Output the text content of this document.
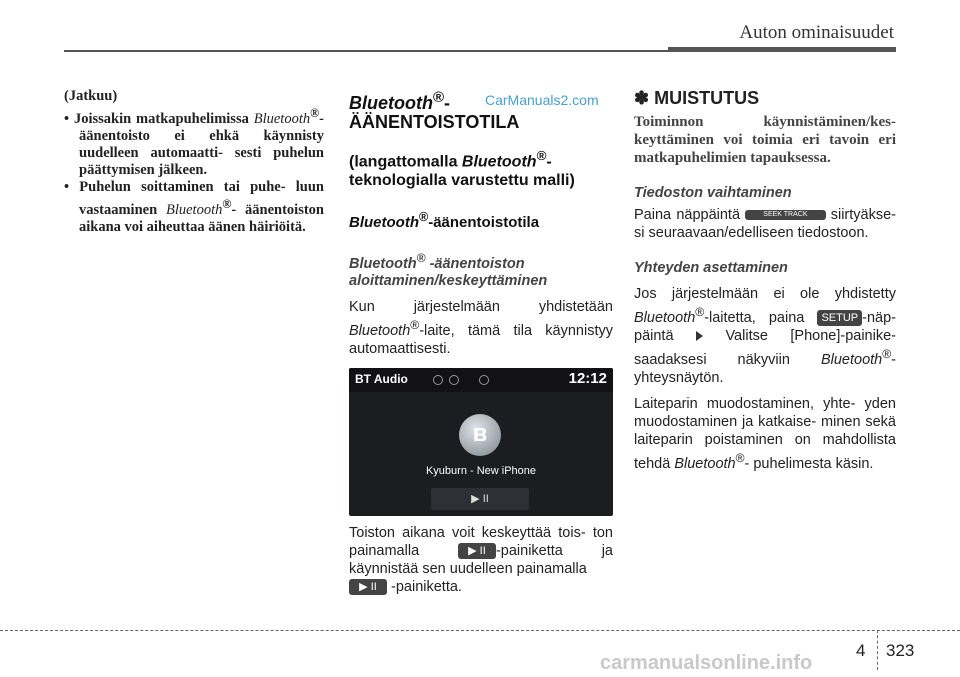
Auton ominaisuudet
CarManuals2.com
(Jatkuu)
• Joissakin matkapuhelimissa Bluetooth®-äänentoisto ei ehkä käynnisty uudelleen automaatti- sesti puhelun päättymisen jälkeen.
• Puhelun soittaminen tai puhe- luun vastaaminen Bluetooth®- äänentoiston aikana voi aiheuttaa äänen häiriöitä.
Bluetooth®-
ÄÄNENTOISTOTILA
(langattomalla Bluetooth®- teknologialla varustettu malli)
Bluetooth®-äänentoistotila
Bluetooth® -äänentoiston aloittaminen/keskeyttäminen

Kun järjestelmään yhdistetään Bluetooth®-laite, tämä tila käynnistyy automaattisesti.

BT Audio	12:12
ʙ
Kyuburn - New iPhone
▶ II

Toiston aikana voit keskeyttää tois- ton painamalla ▶ II -painiketta ja käynnistää sen uudelleen painamalla
▶ II -painiketta.

✽ MUISTUTUS
Toiminnon käynnistäminen/kes- keyttäminen voi toimia eri tavoin eri matkapuhelimien tapauksessa.
Tiedoston vaihtaminen

Paina näppäintä	SEEK TRACK siirtyäkse- si seuraavaan/edelliseen tiedostoon.

Yhteyden asettaminen

Jos järjestelmään ei ole yhdistetty Bluetooth®-laitetta, paina SETUP -näp- päintä  Valitse [Phone]-painike- saadaksesi näkyviin Bluetooth®- yhteysnäytön.

Laiteparin muodostaminen, yhte- yden muodostaminen ja katkaise- minen sekä laiteparin poistaminen on mahdollista tehdä Bluetooth®- puhelimesta käsin.

4 323
carmanualsonline.info
